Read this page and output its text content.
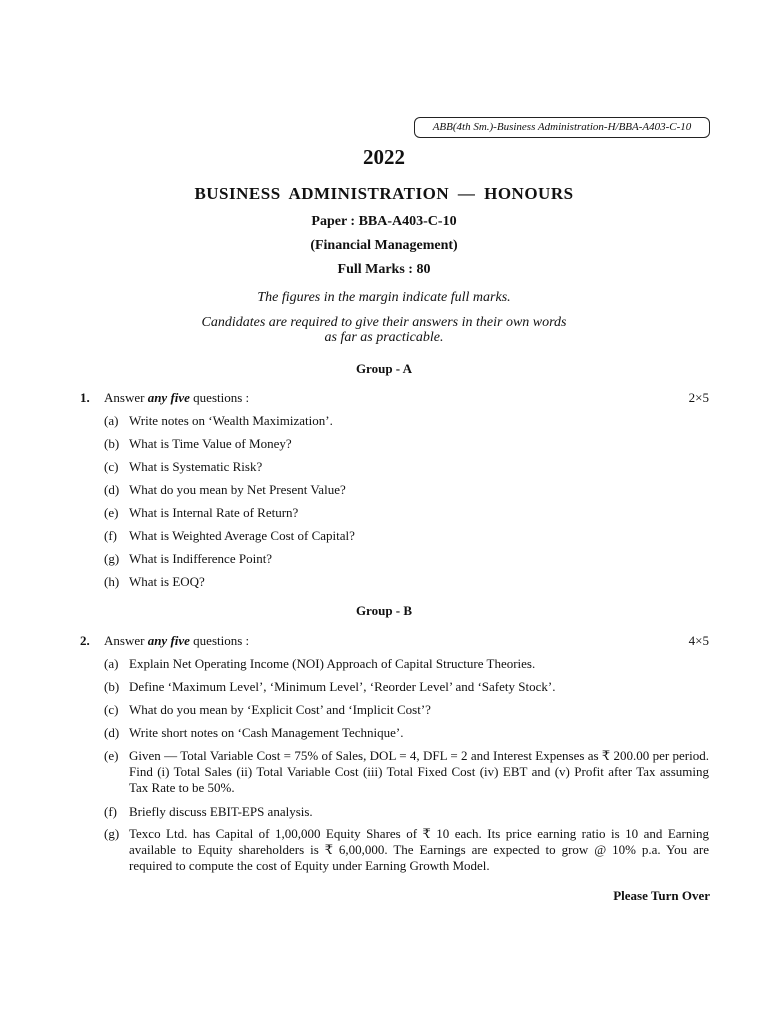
ABB(4th Sm.)-Business Administration-H/BBA-A403-C-10
2022
BUSINESS ADMINISTRATION — HONOURS
Paper : BBA-A403-C-10
(Financial Management)
Full Marks : 80
The figures in the margin indicate full marks.
Candidates are required to give their answers in their own words
as far as practicable.
Group - A
1. Answer any five questions :	2×5
(a) Write notes on ‘Wealth Maximization’.
(b) What is Time Value of Money?
(c) What is Systematic Risk?
(d) What do you mean by Net Present Value?
(e) What is Internal Rate of Return?
(f) What is Weighted Average Cost of Capital?
(g) What is Indifference Point?
(h) What is EOQ?
Group - B
2. Answer any five questions :	4×5
(a) Explain Net Operating Income (NOI) Approach of Capital Structure Theories.
(b) Define ‘Maximum Level’, ‘Minimum Level’, ‘Reorder Level’ and ‘Safety Stock’.
(c) What do you mean by ‘Explicit Cost’ and ‘Implicit Cost’?
(d) Write short notes on ‘Cash Management Technique’.
(e) Given — Total Variable Cost = 75% of Sales, DOL = 4, DFL = 2 and Interest Expenses as ₹ 200.00 per period. Find (i) Total Sales (ii) Total Variable Cost (iii) Total Fixed Cost (iv) EBT and (v) Profit after Tax assuming Tax Rate to be 50%.
(f) Briefly discuss EBIT-EPS analysis.
(g) Texco Ltd. has Capital of 1,00,000 Equity Shares of ₹ 10 each. Its price earning ratio is 10 and Earning available to Equity shareholders is ₹ 6,00,000. The Earnings are expected to grow @ 10% p.a. You are required to compute the cost of Equity under Earning Growth Model.
Please Turn Over
